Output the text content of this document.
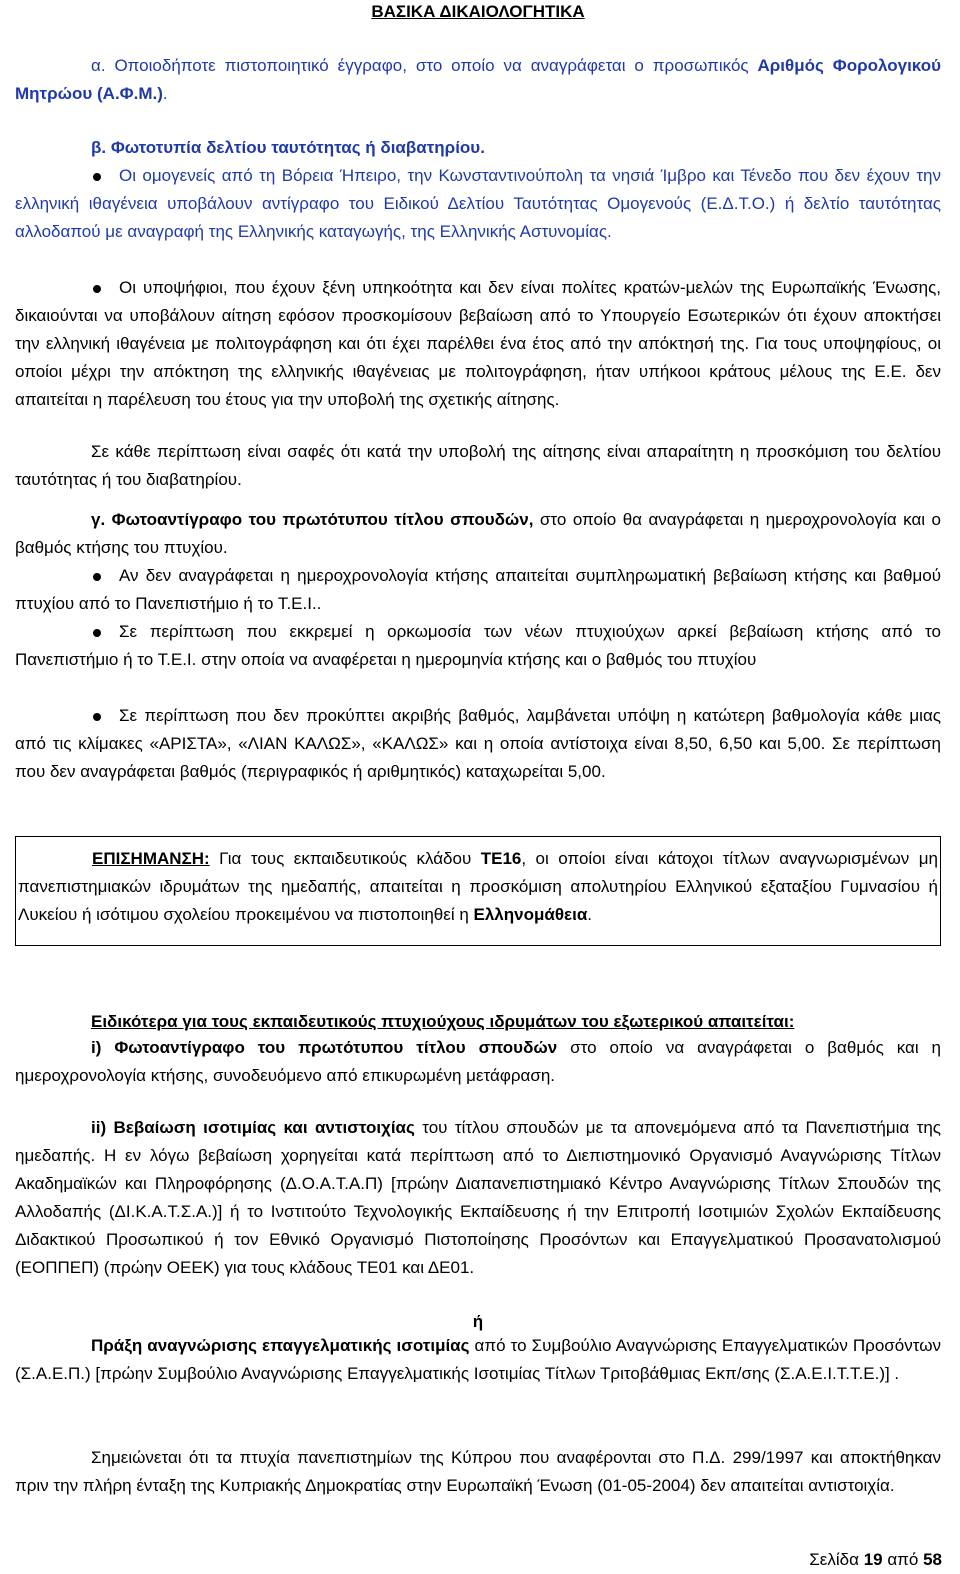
ΒΑΣΙΚΑ ΔΙΚΑΙΟΛΟΓΗΤΙΚΑ
α. Οποιοδήποτε πιστοποιητικό έγγραφο, στο οποίο να αναγράφεται ο προσωπικός Αριθμός Φορολογικού Μητρώου (Α.Φ.Μ.).
β. Φωτοτυπία δελτίου ταυτότητας ή διαβατηρίου.
Οι ομογενείς από τη Βόρεια Ήπειρο, την Κωνσταντινούπολη τα νησιά Ίμβρο και Τένεδο που δεν έχουν την ελληνική ιθαγένεια υποβάλουν αντίγραφο του Ειδικού Δελτίου Ταυτότητας Ομογενούς (Ε.Δ.Τ.Ο.) ή δελτίο ταυτότητας αλλοδαπού με αναγραφή της Ελληνικής καταγωγής, της Ελληνικής Αστυνομίας.
Οι υποψήφιοι, που έχουν ξένη υπηκοότητα και δεν είναι πολίτες κρατών-μελών της Ευρωπαϊκής Ένωσης, δικαιούνται να υποβάλουν αίτηση εφόσον προσκομίσουν βεβαίωση από το Υπουργείο Εσωτερικών ότι έχουν αποκτήσει την ελληνική ιθαγένεια με πολιτογράφηση και ότι έχει παρέλθει ένα έτος από την απόκτησή της. Για τους υποψηφίους, οι οποίοι μέχρι την απόκτηση της ελληνικής ιθαγένειας με πολιτογράφηση, ήταν υπήκοοι κράτους μέλους της Ε.Ε. δεν απαιτείται η παρέλευση του έτους για την υποβολή της σχετικής αίτησης.
Σε κάθε περίπτωση είναι σαφές ότι κατά την υποβολή της αίτησης είναι απαραίτητη η προσκόμιση του δελτίου ταυτότητας ή του διαβατηρίου.
γ. Φωτοαντίγραφο του πρωτότυπου τίτλου σπουδών, στο οποίο θα αναγράφεται η ημεροχρονολογία και ο βαθμός κτήσης του πτυχίου.
Αν δεν αναγράφεται η ημεροχρονολογία κτήσης απαιτείται συμπληρωματική βεβαίωση κτήσης και βαθμού πτυχίου από το Πανεπιστήμιο ή το Τ.Ε.Ι..
Σε περίπτωση που εκκρεμεί η ορκωμοσία των νέων πτυχιούχων αρκεί βεβαίωση κτήσης από το Πανεπιστήμιο ή το Τ.Ε.Ι. στην οποία να αναφέρεται η ημερομηνία κτήσης και ο βαθμός του πτυχίου
Σε περίπτωση που δεν προκύπτει ακριβής βαθμός, λαμβάνεται υπόψη η κατώτερη βαθμολογία κάθε μιας από τις κλίμακες «ΑΡΙΣΤΑ», «ΛΙΑΝ ΚΑΛΩΣ», «ΚΑΛΩΣ» και η οποία αντίστοιχα είναι 8,50, 6,50 και 5,00. Σε περίπτωση που δεν αναγράφεται βαθμός (περιγραφικός ή αριθμητικός) καταχωρείται 5,00.
ΕΠΙΣΗΜΑΝΣΗ: Για τους εκπαιδευτικούς κλάδου ΤΕ16, οι οποίοι είναι κάτοχοι τίτλων αναγνωρισμένων μη πανεπιστημιακών ιδρυμάτων της ημεδαπής, απαιτείται η προσκόμιση απολυτηρίου Ελληνικού εξαταξίου Γυμνασίου ή Λυκείου ή ισότιμου σχολείου προκειμένου να πιστοποιηθεί η Ελληνομάθεια.
Ειδικότερα για τους εκπαιδευτικούς πτυχιούχους ιδρυμάτων του εξωτερικού απαιτείται:
i) Φωτοαντίγραφο του πρωτότυπου τίτλου σπουδών στο οποίο να αναγράφεται ο βαθμός και η ημεροχρονολογία κτήσης, συνοδευόμενο από επικυρωμένη μετάφραση.
ii) Βεβαίωση ισοτιμίας και αντιστοιχίας του τίτλου σπουδών με τα απονεμόμενα από τα Πανεπιστήμια της ημεδαπής. Η εν λόγω βεβαίωση χορηγείται κατά περίπτωση από το Διεπιστημονικό Οργανισμό Αναγνώρισης Τίτλων Ακαδημαϊκών και Πληροφόρησης (Δ.Ο.Α.Τ.Α.Π) [πρώην Διαπανεπιστημιακό Κέντρο Αναγνώρισης Τίτλων Σπουδών της Αλλοδαπής (ΔΙ.Κ.Α.Τ.Σ.Α.)] ή το Ινστιτούτο Τεχνολογικής Εκπαίδευσης ή την Επιτροπή Ισοτιμιών Σχολών Εκπαίδευσης Διδακτικού Προσωπικού ή τον Εθνικό Οργανισμό Πιστοποίησης Προσόντων και Επαγγελματικού Προσανατολισμού (ΕΟΠΠΕΠ) (πρώην ΟΕΕΚ) για τους κλάδους ΤΕ01 και ΔΕ01.
ή
Πράξη αναγνώρισης επαγγελματικής ισοτιμίας από το Συμβούλιο Αναγνώρισης Επαγγελματικών Προσόντων (Σ.Α.Ε.Π.) [πρώην Συμβούλιο Αναγνώρισης Επαγγελματικής Ισοτιμίας Τίτλων Τριτοβάθμιας Εκπ/σης (Σ.Α.Ε.Ι.Τ.Τ.Ε.)] .
Σημειώνεται ότι τα πτυχία πανεπιστημίων της Κύπρου που αναφέρονται στο Π.Δ. 299/1997 και αποκτήθηκαν πριν την πλήρη ένταξη της Κυπριακής Δημοκρατίας στην Ευρωπαϊκή Ένωση (01-05-2004) δεν απαιτείται αντιστοιχία.
Σελίδα 19 από 58
